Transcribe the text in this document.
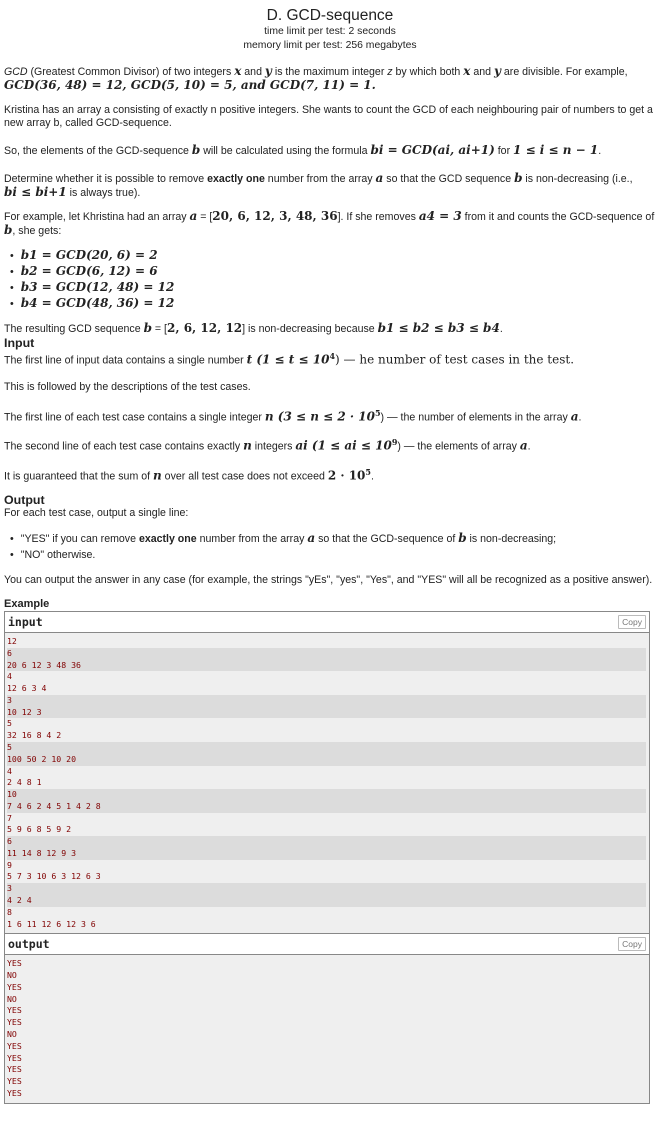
D. GCD-sequence
time limit per test: 2 seconds
memory limit per test: 256 megabytes

GCD (Greatest Common Divisor) of two integers x and y is the maximum integer z by which both x and y are divisible. For example,
GCD(36, 48) = 12, GCD(5, 10) = 5, and GCD(7, 11) = 1.

Kristina has an array a consisting of exactly n positive integers. She wants to count the GCD of each neighbouring pair of numbers to get a new array b, called GCD-sequence.

So, the elements of the GCD-sequence b will be calculated using the formula bi = GCD(ai, ai+1) for 1 ≤ i ≤ n − 1.

Determine whether it is possible to remove exactly one number from the array a so that the GCD sequence b is non-decreasing (i.e.,
bi ≤ bi+1 is always true).

For example, let Khristina had an array a = [20, 6, 12, 3, 48, 36]. If she removes a4 = 3 from it and counts the GCD-sequence of b, she gets:

• b1 = GCD(20, 6) = 2
• b2 = GCD(6, 12) = 6
• b3 = GCD(12, 48) = 12
• b4 = GCD(48, 36) = 12

The resulting GCD sequence b = [2, 6, 12, 12] is non-decreasing because b1 ≤ b2 ≤ b3 ≤ b4.

Input

The first line of input data contains a single number t $(1 \le t \le 10^4)$ — he number of test cases in the test.

This is followed by the descriptions of the test cases.

The first line of each test case contains a single integer n $(3 \le n \le 2 \cdot 10^5)$ — the number of elements in the array a.

The second line of each test case contains exactly n integers ai (1 ≤ ai ≤ $10^9$) — the elements of array a.

It is guaranteed that the sum of n over all test case does not exceed $2 \cdot 10^5$.

Output

For each test case, output a single line:

• "YES" if you can remove exactly one number from the array a so that the GCD-sequence of b is non-decreasing;
• "NO" otherwise.

You can output the answer in any case (for example, the strings "yEs", "yes", "Yes", and "YES" will all be recognized as a positive answer).

Example
input	Copy
12
6
20 6 12 3 48 36
4
12 6 3 4
3
10 12 3
5
32 16 8 4 2
5
100 50 2 10 20
4
2 4 8 1
10
7 4 6 2 4 5 1 4 2 8
7
5 9 6 8 5 9 2
6
11 14 8 12 9 3
9
5 7 3 10 6 3 12 6 3
3
4 2 4
8
1 6 11 12 6 12 3 6
output	Copy
YES
NO
YES
NO
YES
YES
NO
YES
YES
YES
YES
YES
